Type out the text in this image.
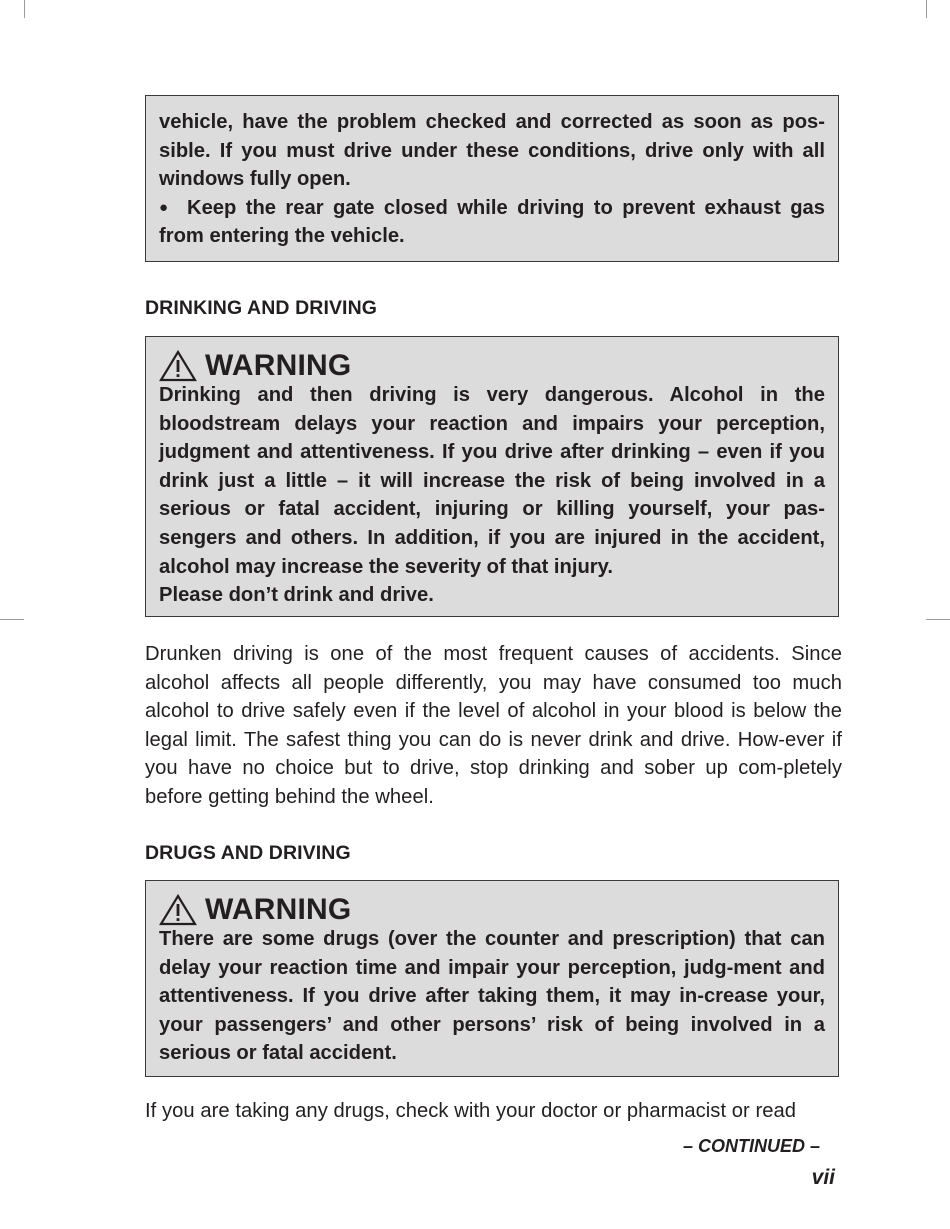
vehicle, have the problem checked and corrected as soon as pos-sible. If you must drive under these conditions, drive only with all windows fully open.

● Keep the rear gate closed while driving to prevent exhaust gas from entering the vehicle.

DRINKING AND DRIVING
WARNING

Drinking and then driving is very dangerous. Alcohol in the bloodstream delays your reaction and impairs your perception, judgment and attentiveness. If you drive after drinking – even if you drink just a little – it will increase the risk of being involved in a serious or fatal accident, injuring or killing yourself, your pas-sengers and others. In addition, if you are injured in the accident, alcohol may increase the severity of that injury.

Please don’t drink and drive.

Drunken driving is one of the most frequent causes of accidents. Since alcohol affects all people differently, you may have consumed too much alcohol to drive safely even if the level of alcohol in your blood is below the legal limit. The safest thing you can do is never drink and drive. How-ever if you have no choice but to drive, stop drinking and sober up com-pletely before getting behind the wheel.
DRUGS AND DRIVING
WARNING

There are some drugs (over the counter and prescription) that can delay your reaction time and impair your perception, judg-ment and attentiveness. If you drive after taking them, it may in-crease your, your passengers’ and other persons’ risk of being involved in a serious or fatal accident.

If you are taking any drugs, check with your doctor or pharmacist or read
– CONTINUED –
vii
